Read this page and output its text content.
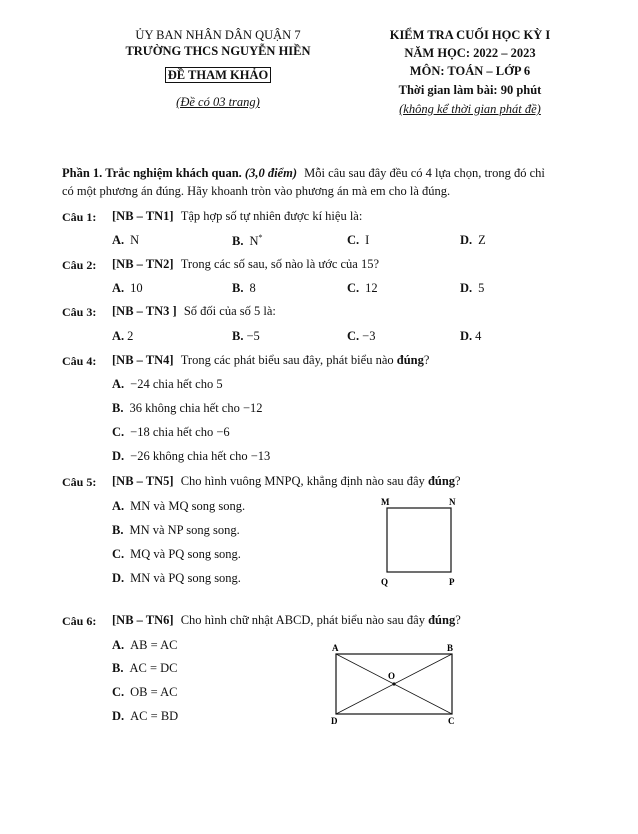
ỦY BAN NHÂN DÂN QUẬN 7
TRƯỜNG THCS NGUYỄN HIỀN
ĐỀ THAM KHẢO
(Đề có 03 trang)
KIỂM TRA CUỐI HỌC KỲ I
NĂM HỌC: 2022 – 2023
MÔN: TOÁN – LỚP 6
Thời gian làm bài: 90 phút
(không kể thời gian phát đề)
Phần 1. Trắc nghiệm khách quan. (3,0 điểm) Mỗi câu sau đây đều có 4 lựa chọn, trong đó chỉ
có một phương án đúng. Hãy khoanh tròn vào phương án mà em cho là đúng.
Câu 1: [NB – TN1] Tập hợp số tự nhiên được kí hiệu là:
A. N	B. N*	C. I	D. Z
Câu 2: [NB – TN2] Trong các số sau, số nào là ước của 15?
A. 10	B. 8	C. 12	D. 5
Câu 3: [NB – TN3 ] Số đối của số 5 là:
A. 2	B. −5	C. −3	D. 4
Câu 4: [NB – TN4] Trong các phát biểu sau đây, phát biểu nào đúng?
A. −24 chia hết cho 5
B. 36 không chia hết cho −12
C. −18 chia hết cho −6
D. −26 không chia hết cho −13
Câu 5: [NB – TN5] Cho hình vuông MNPQ, khẳng định nào sau đây đúng?
A. MN và MQ song song.
B. MN và NP song song.
C. MQ và PQ song song.
D. MN và PQ song song.
M	N
Q	P
Câu 6: [NB – TN6] Cho hình chữ nhật ABCD, phát biểu nào sau đây đúng?
A. AB = AC
B. AC = DC
C. OB = AC
D. AC = BD
A	B
D	C
O
